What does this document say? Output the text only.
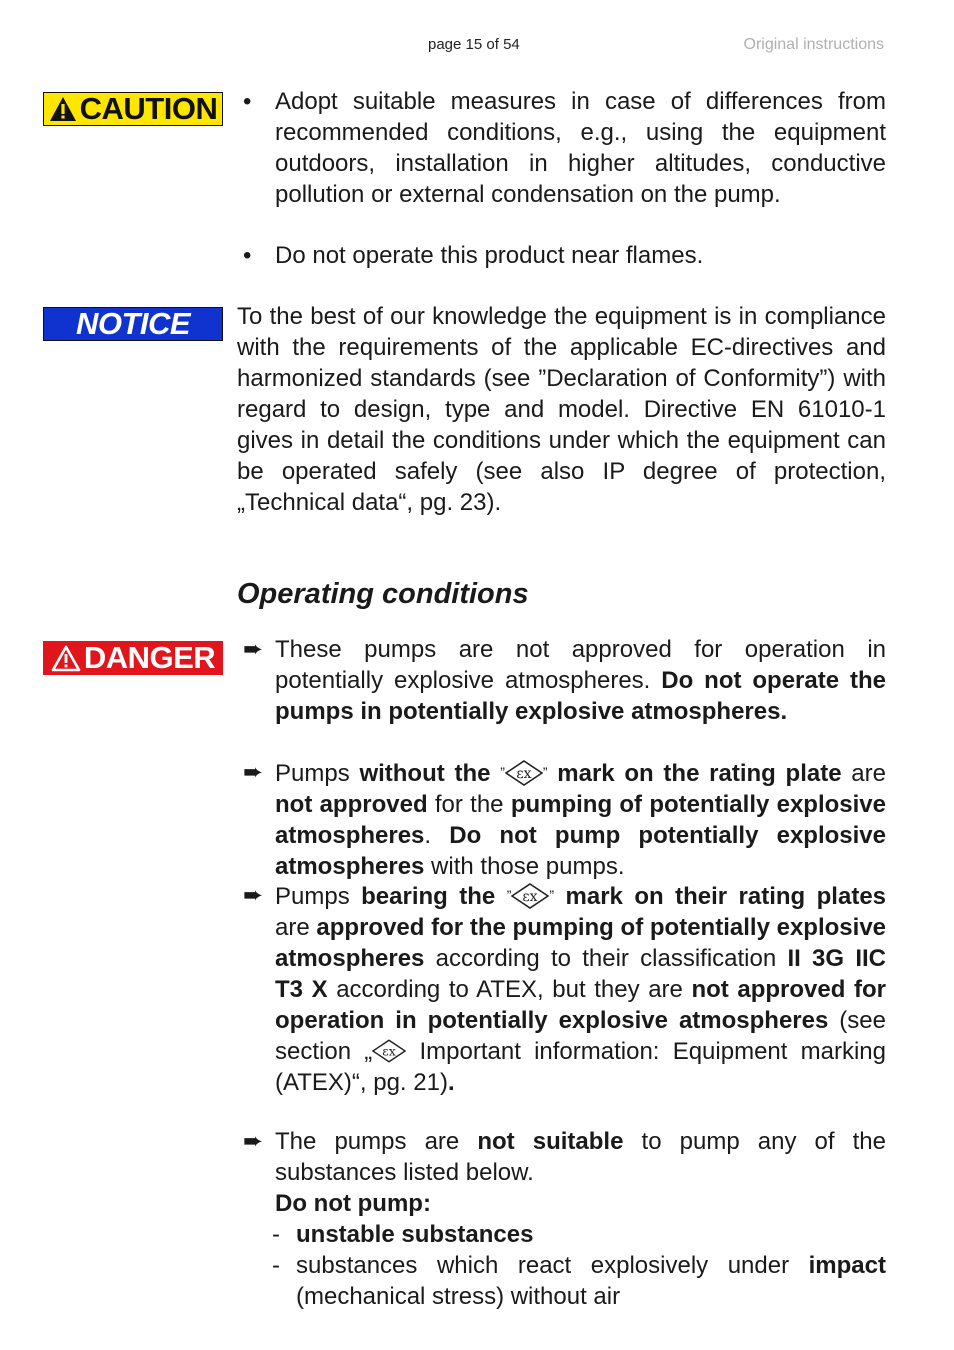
page 15 of 54	Original instructions
CAUTION • Adopt suitable measures in case of differences from recommended conditions, e.g., using the equipment outdoors, installation in higher altitudes, conductive pollution or external condensation on the pump.

• Do not operate this product near flames.

NOTICE To the best of our knowledge the equipment is in compliance with the requirements of the applicable EC-directives and harmonized standards (see ”Declaration of Conformity”) with regard to design, type and model. Directive EN 61010-1 gives in detail the conditions under which the equipment can be operated safely (see also IP degree of protection, „Technical data“, pg. 23).

Operating conditions
DANGER ➨ These pumps are not approved for operation in potentially explosive atmospheres. Do not operate the pumps in potentially explosive atmospheres.

➨ Pumps without the ” εx ” mark on the rating plate are not approved for the pumping of potentially explosive atmospheres. Do not pump potentially explosive atmospheres with those pumps.

➨ Pumps bearing the ” εx ” mark on their rating plates are approved for the pumping of potentially explosive atmospheres according to their classification II 3G IIC T3 X according to ATEX, but they are not approved for operation in potentially explosive atmospheres (see section „ εx Important information: Equipment marking (ATEX)“, pg. 21).

➨ The pumps are not suitable to pump any of the substances listed below.

Do not pump:
- unstable substances
- substances which react explosively under impact (mechanical stress) without air
